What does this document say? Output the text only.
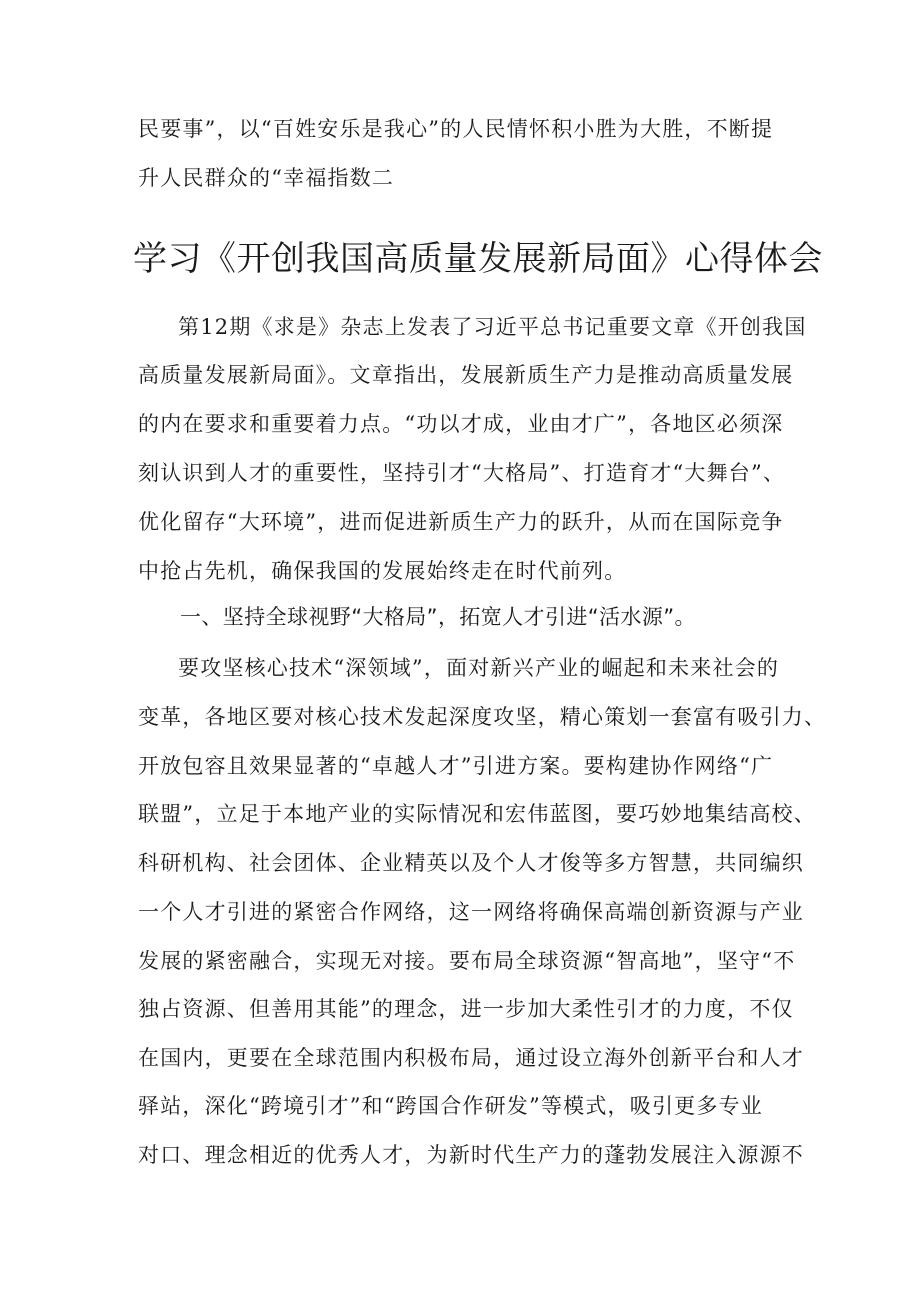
民要事”，以“百姓安乐是我心”的人民情怀积小胜为大胜，不断提
升人民群众的“幸福指数二
学习《开创我国高质量发展新局面》心得体会
第12期《求是》杂志上发表了习近平总书记重要文章《开创我国
高质量发展新局面》。文章指出，发展新质生产力是推动高质量发展
的内在要求和重要着力点。“功以才成，业由才广”，各地区必须深
刻认识到人才的重要性，坚持引才“大格局”、打造育才“大舞台”、
优化留存“大环境”，进而促进新质生产力的跃升，从而在国际竞争
中抢占先机，确保我国的发展始终走在时代前列。
一、坚持全球视野“大格局”，拓宽人才引进“活水源”。
要攻坚核心技术“深领域”，面对新兴产业的崛起和未来社会的
变革，各地区要对核心技术发起深度攻坚，精心策划一套富有吸引力、
开放包容且效果显著的“卓越人才”引进方案。要构建协作网络“广
联盟”，立足于本地产业的实际情况和宏伟蓝图，要巧妙地集结高校、
科研机构、社会团体、企业精英以及个人才俊等多方智慧，共同编织
一个人才引进的紧密合作网络，这一网络将确保高端创新资源与产业
发展的紧密融合，实现无对接。要布局全球资源“智高地”，坚守“不
独占资源、但善用其能”的理念，进一步加大柔性引才的力度，不仅
在国内，更要在全球范围内积极布局，通过设立海外创新平台和人才
驿站，深化“跨境引才”和“跨国合作研发”等模式，吸引更多专业
对口、理念相近的优秀人才，为新时代生产力的蓬勃发展注入源源不
